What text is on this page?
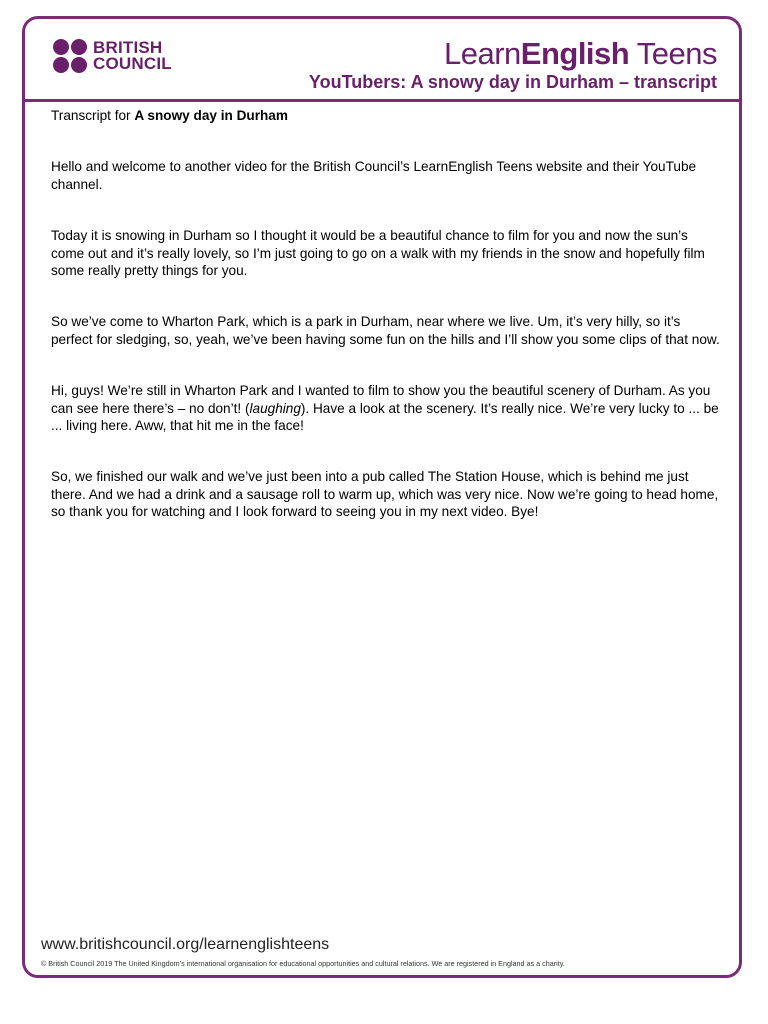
BRITISH
COUNCIL	LearnEnglish Teens
YouTubers: A snowy day in Durham – transcript

Transcript for A snowy day in Durham

Hello and welcome to another video for the British Council’s LearnEnglish Teens website and their YouTube channel.

Today it is snowing in Durham so I thought it would be a beautiful chance to film for you and now the sun’s come out and it’s really lovely, so I’m just going to go on a walk with my friends in the snow and hopefully film some really pretty things for you.

So we’ve come to Wharton Park, which is a park in Durham, near where we live. Um, it’s very hilly, so it’s perfect for sledging, so, yeah, we’ve been having some fun on the hills and I’ll show you some clips of that now.

Hi, guys! We’re still in Wharton Park and I wanted to film to show you the beautiful scenery of Durham. As you can see here there’s – no don’t! (laughing). Have a look at the scenery. It’s really nice. We’re very lucky to ... be ... living here. Aww, that hit me in the face!

So, we finished our walk and we’ve just been into a pub called The Station House, which is behind me just there. And we had a drink and a sausage roll to warm up, which was very nice. Now we’re going to head home, so thank you for watching and I look forward to seeing you in my next video. Bye!

www.britishcouncil.org/learnenglishteens
© British Council 2019 The United Kingdom’s international organisation for educational opportunities and cultural relations. We are registered in England as a charity.
